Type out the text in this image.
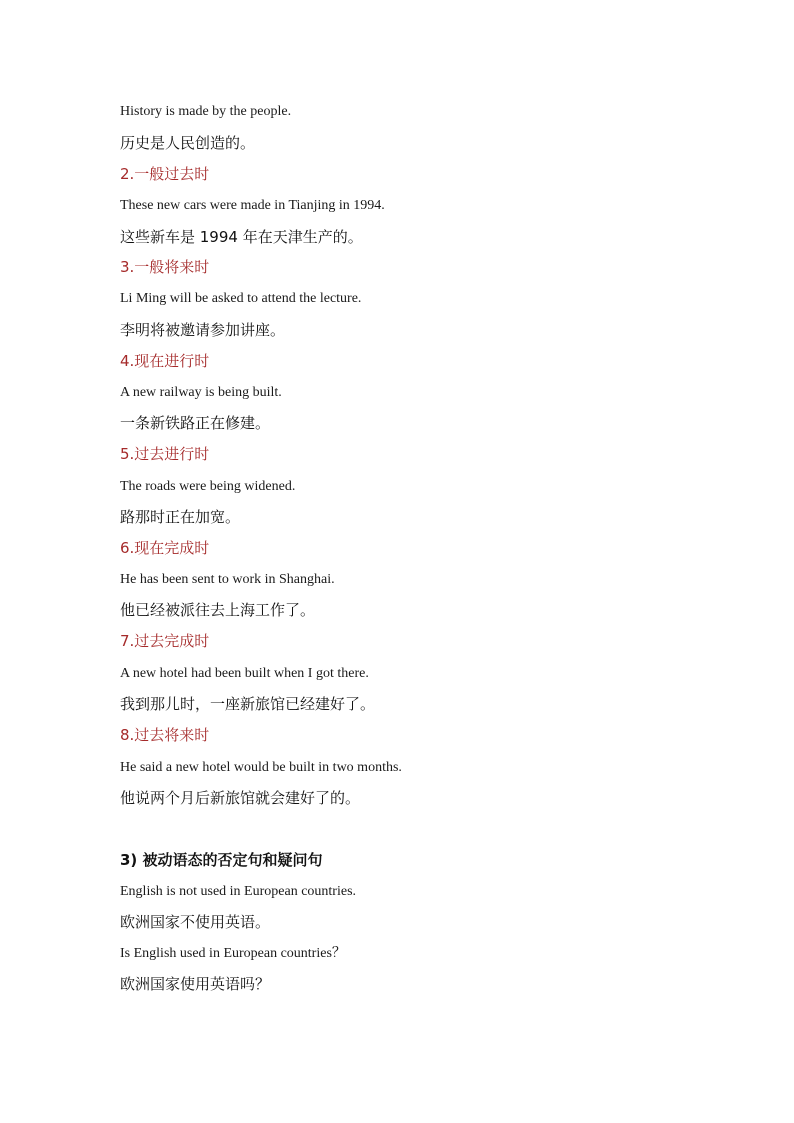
History is made by the people.
历史是人民创造的。
2.一般过去时
These new cars were made in Tianjing in 1994.
这些新车是 1994 年在天津生产的。
3.一般将来时
Li Ming will be asked to attend the lecture.
李明将被邀请参加讲座。
4.现在进行时
A new railway is being built.
一条新铁路正在修建。
5.过去进行时
The roads were being widened.
路那时正在加宽。
6.现在完成时
He has been sent to work in Shanghai.
他已经被派往去上海工作了。
7.过去完成时
A new hotel had been built when I got there.
我到那儿时，一座新旅馆已经建好了。
8.过去将来时
He said a new hotel would be built in two months.
他说两个月后新旅馆就会建好了的。
3) 被动语态的否定句和疑问句
English is not used in European countries.
欧洲国家不使用英语。
Is English used in European countries？
欧洲国家使用英语吗？
